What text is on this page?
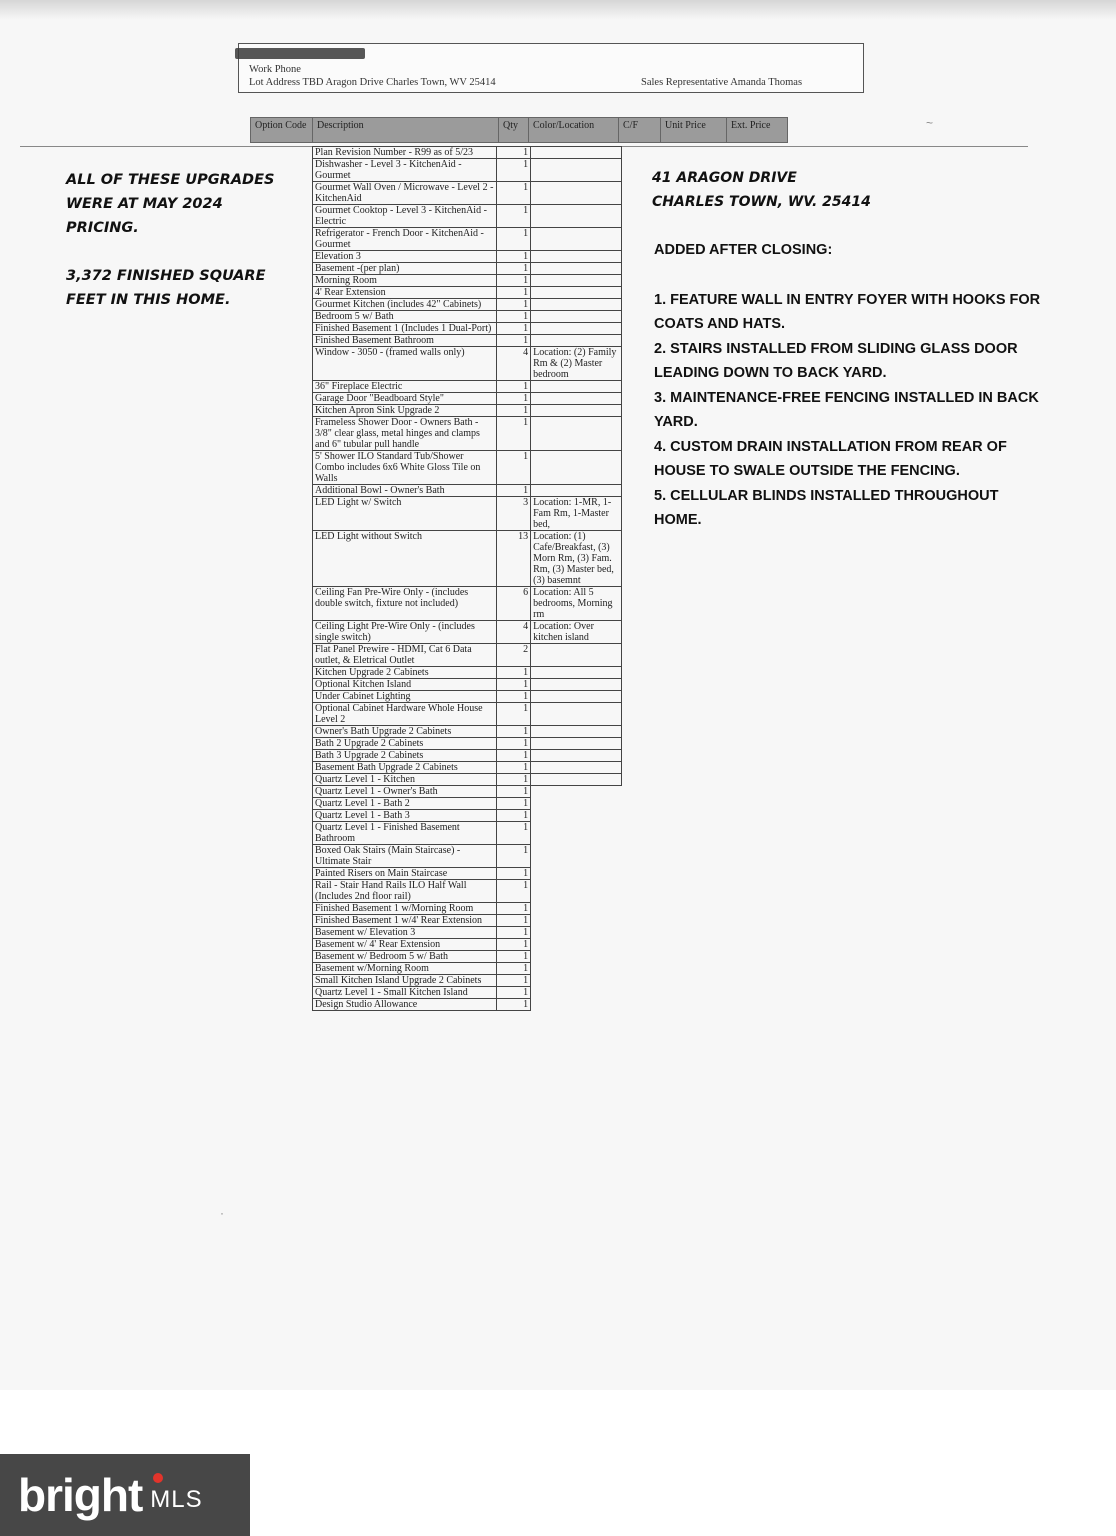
Work Phone
Lot Address TBD Aragon Drive Charles Town, WV 25414	Sales Representative Amanda Thomas
Option Code	Description	Qty	Color/Location	C/F	Unit Price	Ext. Price
Plan Revision Number - R99 as of 5/23	1	
Dishwasher - Level 3 - KitchenAid - Gourmet	1	
Gourmet Wall Oven / Microwave - Level 2 - KitchenAid	1	
Gourmet Cooktop - Level 3 - KitchenAid - Electric	1	
Refrigerator - French Door - KitchenAid - Gourmet	1	
Elevation 3	1	
Basement -(per plan)	1	
Morning Room	1	
4' Rear Extension	1	
Gourmet Kitchen (includes 42" Cabinets)	1	
Bedroom 5 w/ Bath	1	
Finished Basement 1 (Includes 1 Dual-Port)	1	
Finished Basement Bathroom	1	
Window - 3050 - (framed walls only)	4	Location: (2) Family Rm & (2) Master bedroom
36" Fireplace Electric	1	
Garage Door "Beadboard Style"	1	
Kitchen Apron Sink Upgrade 2	1	
Frameless Shower Door - Owners Bath - 3/8" clear glass, metal hinges and clamps and 6" tubular pull handle	1	
5' Shower ILO Standard Tub/Shower Combo includes 6x6 White Gloss Tile on Walls	1	
Additional Bowl - Owner's Bath	1	
LED Light w/ Switch	3	Location: 1-MR, 1-Fam Rm, 1-Master bed,
LED Light without Switch	13	Location: (1) Cafe/Breakfast, (3) Morn Rm, (3) Fam. Rm, (3) Master bed, (3) basemnt
Ceiling Fan Pre-Wire Only - (includes double switch, fixture not included)	6	Location: All 5 bedrooms, Morning rm
Ceiling Light Pre-Wire Only - (includes single switch)	4	Location: Over kitchen island
Flat Panel Prewire - HDMI, Cat 6 Data outlet, & Eletrical Outlet	2	
Kitchen Upgrade 2 Cabinets	1	
Optional Kitchen Island	1	
Under Cabinet Lighting	1	
Optional Cabinet Hardware Whole House Level 2	1	
Owner's Bath Upgrade 2 Cabinets	1	
Bath 2 Upgrade 2 Cabinets	1	
Bath 3 Upgrade 2 Cabinets	1	
Basement Bath Upgrade 2 Cabinets	1	
Quartz Level 1 - Kitchen	1	
Quartz Level 1 - Owner's Bath	1	
Quartz Level 1 - Bath 2	1	
Quartz Level 1 - Bath 3	1	
Quartz Level 1 - Finished Basement Bathroom	1	
Boxed Oak Stairs (Main Staircase) - Ultimate Stair	1	
Painted Risers on Main Staircase	1	
Rail - Stair Hand Rails ILO Half Wall (Includes 2nd floor rail)	1	
Finished Basement 1 w/Morning Room	1	
Finished Basement 1 w/4' Rear Extension	1	
Basement w/ Elevation 3	1	
Basement w/ 4' Rear Extension	1	
Basement w/ Bedroom 5 w/ Bath	1	
Basement w/Morning Room	1	
Small Kitchen Island Upgrade 2 Cabinets	1	
Quartz Level 1 - Small Kitchen Island	1	
Design Studio Allowance	1	
ALL OF THESE UPGRADES WERE AT MAY 2024 PRICING.
3,372 FINISHED SQUARE FEET IN THIS HOME.
41 ARAGON DRIVE
CHARLES TOWN, WV. 25414
ADDED AFTER CLOSING:
1. FEATURE WALL IN ENTRY FOYER WITH HOOKS FOR COATS AND HATS.
2. STAIRS INSTALLED FROM SLIDING GLASS DOOR LEADING DOWN TO BACK YARD.
3. MAINTENANCE-FREE FENCING INSTALLED IN BACK YARD.
4. CUSTOM DRAIN INSTALLATION FROM REAR OF HOUSE TO SWALE OUTSIDE THE FENCING.
5. CELLULAR BLINDS INSTALLED THROUGHOUT HOME.
~
·
bright MLS
